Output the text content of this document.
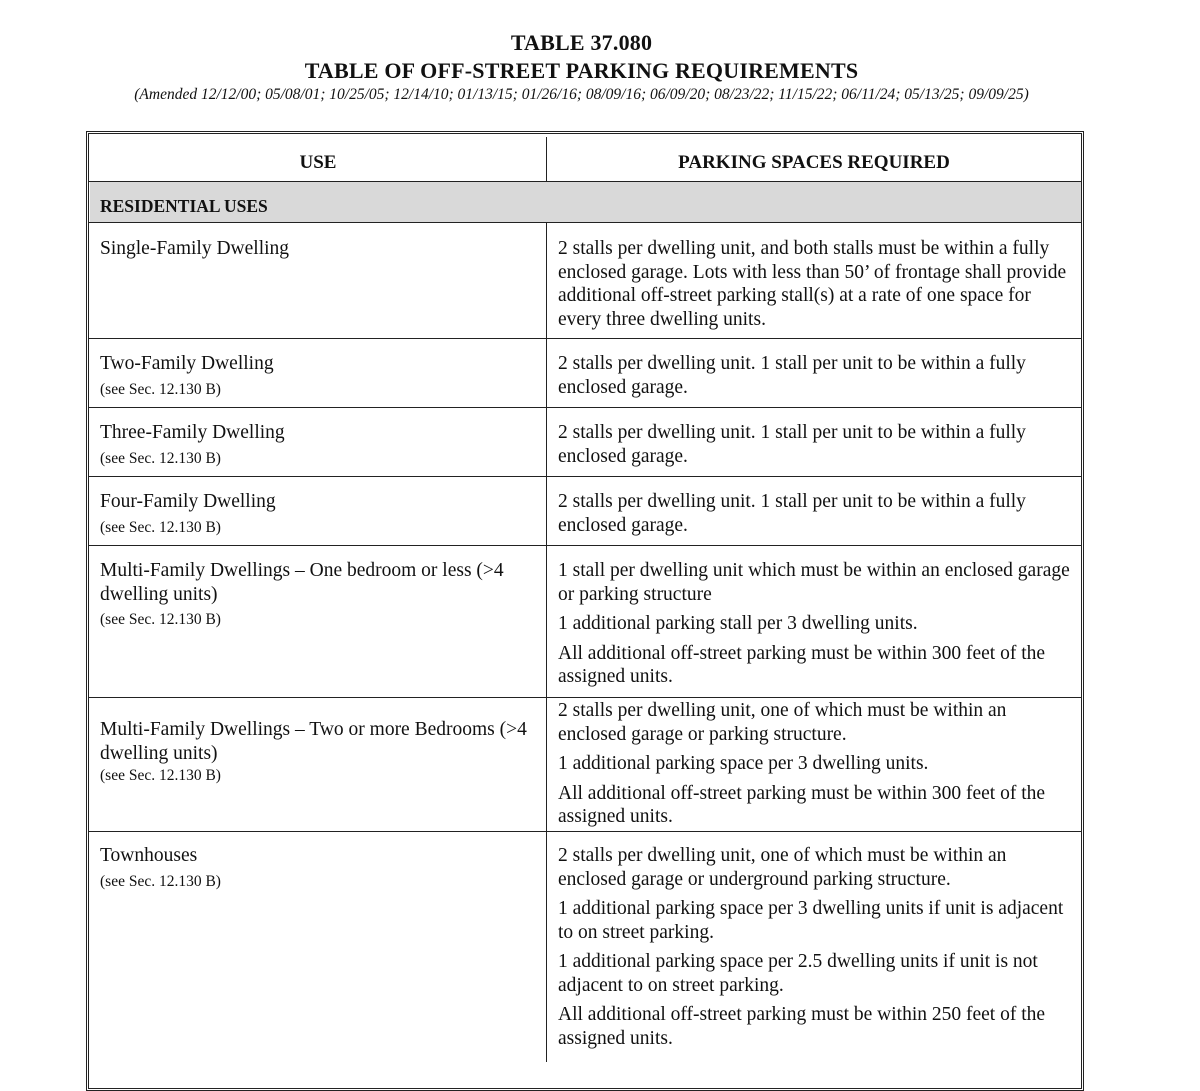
TABLE 37.080
TABLE OF OFF-STREET PARKING REQUIREMENTS
(Amended 12/12/00; 05/08/01; 10/25/05; 12/14/10; 01/13/15; 01/26/16; 08/09/16; 06/09/20; 08/23/22; 11/15/22; 06/11/24; 05/13/25; 09/09/25)
USE	PARKING SPACES REQUIRED
RESIDENTIAL USES
Single-Family Dwelling	2 stalls per dwelling unit, and both stalls must be within a fully enclosed garage. Lots with less than 50’ of frontage shall provide additional off-street parking stall(s) at a rate of one space for every three dwelling units.

Two-Family Dwelling
(see Sec. 12.130 B)

2 stalls per dwelling unit. 1 stall per unit to be within a fully enclosed garage.

Three-Family Dwelling
(see Sec. 12.130 B)

2 stalls per dwelling unit. 1 stall per unit to be within a fully enclosed garage.

Four-Family Dwelling
(see Sec. 12.130 B)

2 stalls per dwelling unit. 1 stall per unit to be within a fully enclosed garage.

Multi-Family Dwellings – One bedroom or less (>4 dwelling units)
(see Sec. 12.130 B)

1 stall per dwelling unit which must be within an enclosed garage or parking structure

1 additional parking stall per 3 dwelling units.

All additional off-street parking must be within 300 feet of the assigned units.

Multi-Family Dwellings – Two or more Bedrooms (>4 dwelling units)
(see Sec. 12.130 B)

2 stalls per dwelling unit, one of which must be within an enclosed garage or parking structure.

1 additional parking space per 3 dwelling units.

All additional off-street parking must be within 300 feet of the assigned units.

Townhouses
(see Sec. 12.130 B)

2 stalls per dwelling unit, one of which must be within an enclosed garage or underground parking structure.

1 additional parking space per 3 dwelling units if unit is adjacent to on street parking.

1 additional parking space per 2.5 dwelling units if unit is not adjacent to on street parking.

All additional off-street parking must be within 250 feet of the assigned units.
